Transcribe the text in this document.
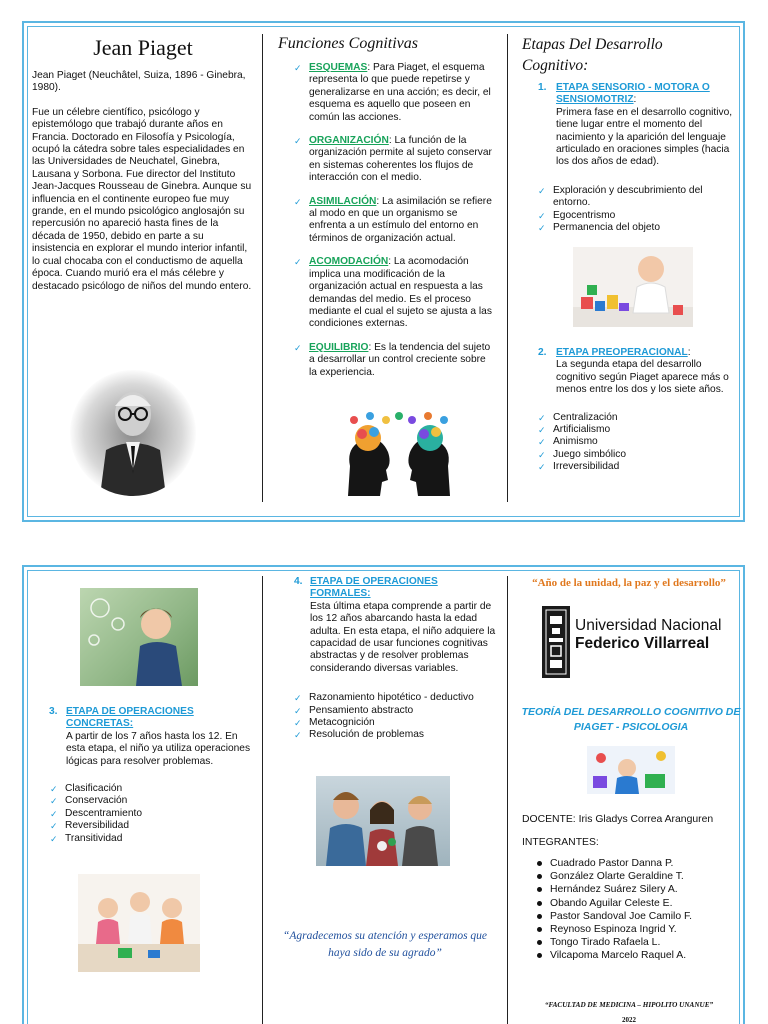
Jean Piaget

Jean Piaget (Neuchâtel, Suiza, 1896 - Ginebra, 1980).

Fue un célebre científico, psicólogo y epistemólogo que trabajó durante años en Francia. Doctorado en Filosofía y Psicología, ocupó la cátedra sobre tales especialidades en las Universidades de Neuchatel, Ginebra, Lausana y Sorbona. Fue director del Instituto Jean-Jacques Rousseau de Ginebra. Aunque su influencia en el continente europeo fue muy grande, en el mundo psicológico anglosajón su repercusión no apareció hasta fines de la década de 1950, debido en parte a su insistencia en explorar el mundo interior infantil, lo cual chocaba con el conductismo de aquella época. Cuando murió era el más célebre y destacado psicólogo de niños del mundo entero.

Funciones Cognitivas
✓ ESQUEMAS: Para Piaget, el esquema representa lo que puede repetirse y generalizarse en una acción; es decir, el esquema es aquello que poseen en común las acciones.
✓ ORGANIZACIÓN: La función de la organización permite al sujeto conservar en sistemas coherentes los flujos de interacción con el medio.
✓ ASIMILACIÓN: La asimilación se refiere al modo en que un organismo se enfrenta a un estímulo del entorno en términos de organización actual.
✓ ACOMODACIÓN: La acomodación implica una modificación de la organización actual en respuesta a las demandas del medio. Es el proceso mediante el cual el sujeto se ajusta a las condiciones externas.
✓ EQUILIBRIO: Es la tendencia del sujeto a desarrollar un control creciente sobre la experiencia.
Etapas Del Desarrollo Cognitivo:
1. ETAPA SENSORIO - MOTORA O SENSIOMOTRIZ:
Primera fase en el desarrollo cognitivo, tiene lugar entre el momento del nacimiento y la aparición del lenguaje articulado en oraciones simples (hacia los dos años de edad).
✓ Exploración y descubrimiento del entorno.
✓ Egocentrismo
✓ Permanencia del objeto
2. ETAPA PREOPERACIONAL:
La segunda etapa del desarrollo cognitivo según Piaget aparece más o menos entre los dos y los siete años.
✓ Centralización
✓ Artificialismo
✓ Animismo
✓ Juego simbólico
✓ Irreversibilidad
3. ETAPA DE OPERACIONES CONCRETAS:
A partir de los 7 años hasta los 12. En esta etapa, el niño ya utiliza operaciones lógicas para resolver problemas.
✓ Clasificación
✓ Conservación
✓ Descentramiento
✓ Reversibilidad
✓ Transitividad
4. ETAPA DE OPERACIONES FORMALES:
Esta última etapa comprende a partir de los 12 años abarcando hasta la edad adulta. En esta etapa, el niño adquiere la capacidad de usar funciones cognitivas abstractas y de resolver problemas considerando diversas variables.
✓ Razonamiento hipotético - deductivo
✓ Pensamiento abstracto
✓ Metacognición
✓ Resolución de problemas
“Agradecemos su atención y esperamos que haya sido de su agrado”
“Año de la unidad, la paz y el desarrollo”
Universidad Nacional
Federico Villarreal
TEORÍA DEL DESARROLLO COGNITIVO DE PIAGET - PSICOLOGIA
DOCENTE: Iris Gladys Correa Aranguren
INTEGRANTES:
Cuadrado Pastor Danna P.
González Olarte Geraldine T.
Hernández Suárez Silery A.
Obando Aguilar Celeste E.
Pastor Sandoval Joe Camilo F.
Reynoso Espinoza Ingrid Y.
Tongo Tirado Rafaela L.
Vilcapoma Marcelo Raquel A.
“FACULTAD DE MEDICINA – HIPOLITO UNANUE”
2022
